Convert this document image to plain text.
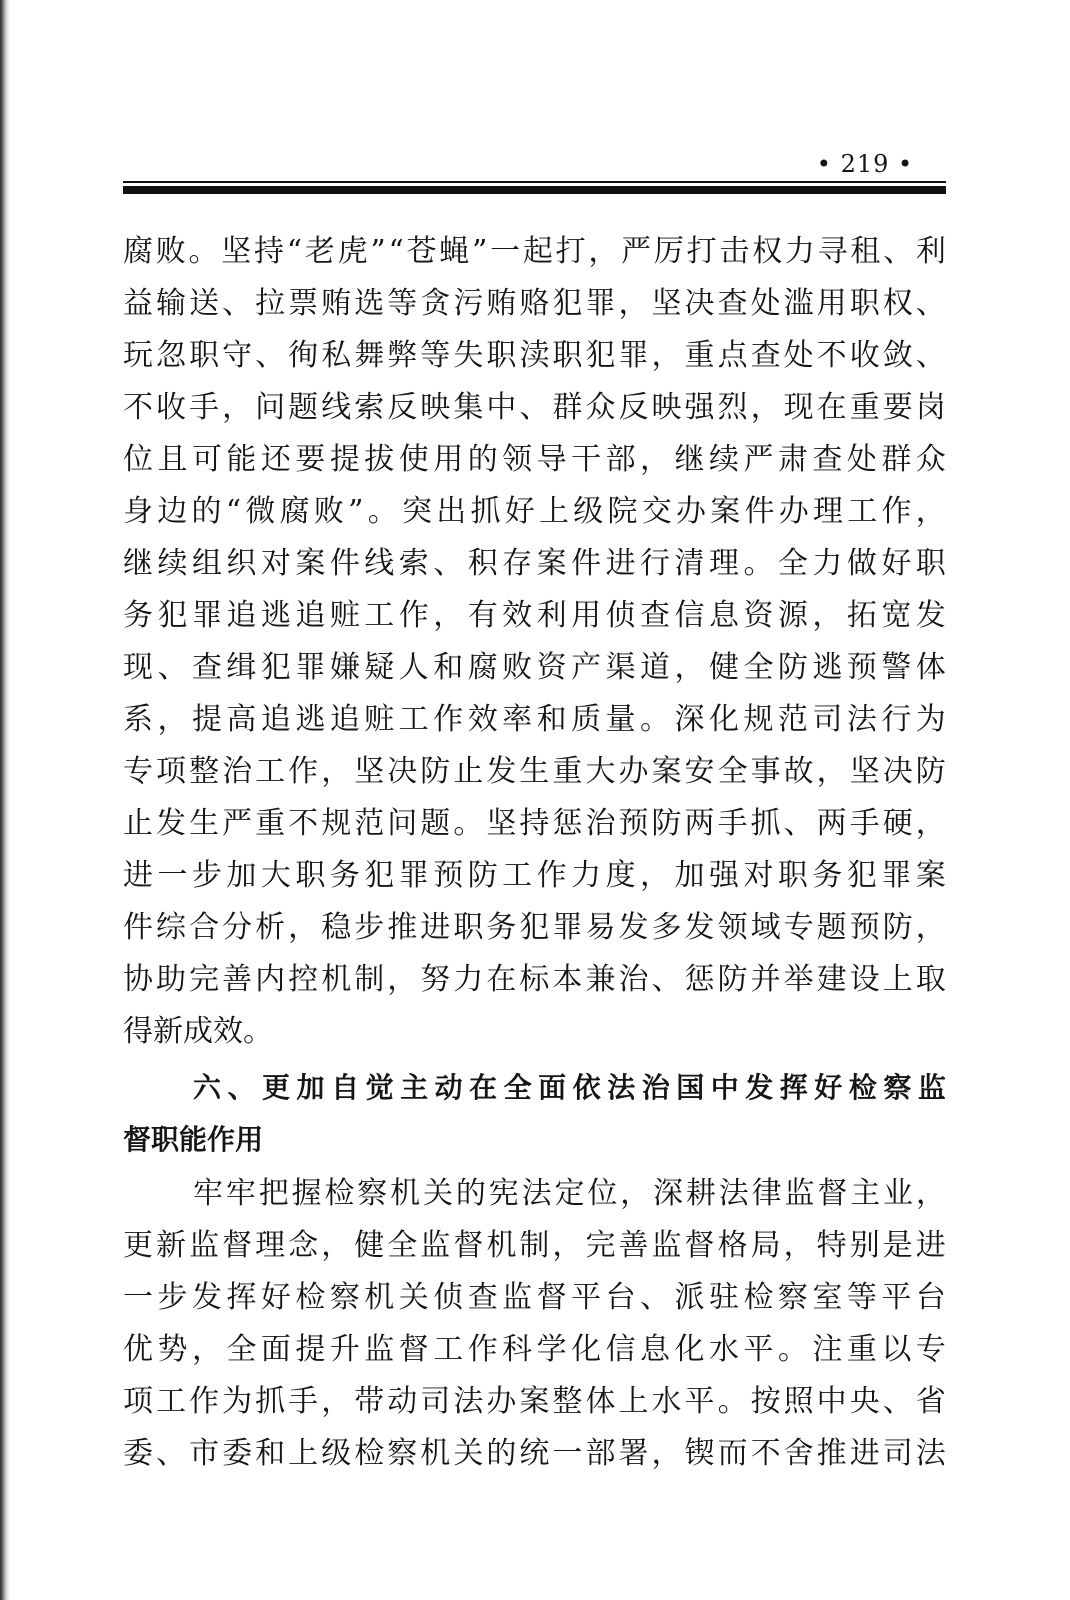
• 219 •
腐 败 。 坚 持 “ 老 虎 ” “ 苍 蝇 ” 一 起 打 ， 严 厉 打 击 权 力 寻 租 、 利
益 输 送 、 拉 票 贿 选 等 贪 污 贿 赂 犯 罪 ， 坚 决 查 处 滥 用 职 权 、
玩 忽 职 守 、 徇 私 舞 弊 等 失 职 渎 职 犯 罪 ， 重 点 查 处 不 收 敛 、
不 收 手 ， 问 题 线 索 反 映 集 中 、 群 众 反 映 强 烈 ， 现 在 重 要 岗
位 且 可 能 还 要 提 拔 使 用 的 领 导 干 部 ， 继 续 严 肃 查 处 群 众
身 边 的 “ 微 腐 败 ” 。 突 出 抓 好 上 级 院 交 办 案 件 办 理 工 作 ，
继 续 组 织 对 案 件 线 索 、 积 存 案 件 进 行 清 理 。 全 力 做 好 职
务 犯 罪 追 逃 追 赃 工 作 ， 有 效 利 用 侦 查 信 息 资 源 ， 拓 宽 发
现 、 查 缉 犯 罪 嫌 疑 人 和 腐 败 资 产 渠 道 ， 健 全 防 逃 预 警 体
系 ， 提 高 追 逃 追 赃 工 作 效 率 和 质 量 。 深 化 规 范 司 法 行 为
专 项 整 治 工 作 ， 坚 决 防 止 发 生 重 大 办 案 安 全 事 故 ， 坚 决 防
止 发 生 严 重 不 规 范 问 题 。 坚 持 惩 治 预 防 两 手 抓 、 两 手 硬 ，
进 一 步 加 大 职 务 犯 罪 预 防 工 作 力 度 ， 加 强 对 职 务 犯 罪 案
件 综 合 分 析 ， 稳 步 推 进 职 务 犯 罪 易 发 多 发 领 域 专 题 预 防 ，
协 助 完 善 内 控 机 制 ， 努 力 在 标 本 兼 治 、 惩 防 并 举 建 设 上 取
得 新 成 效 。
六 、 更 加 自 觉 主 动 在 全 面 依 法 治 国 中 发 挥 好 检 察 监
督 职 能 作 用
牢 牢 把 握 检 察 机 关 的 宪 法 定 位 ， 深 耕 法 律 监 督 主 业 ，
更 新 监 督 理 念 ， 健 全 监 督 机 制 ， 完 善 监 督 格 局 ， 特 别 是 进
一 步 发 挥 好 检 察 机 关 侦 查 监 督 平 台 、 派 驻 检 察 室 等 平 台
优 势 ， 全 面 提 升 监 督 工 作 科 学 化 信 息 化 水 平 。 注 重 以 专
项 工 作 为 抓 手 ， 带 动 司 法 办 案 整 体 上 水 平 。 按 照 中 央 、 省
委 、 市 委 和 上 级 检 察 机 关 的 统 一 部 署 ， 锲 而 不 舍 推 进 司 法
